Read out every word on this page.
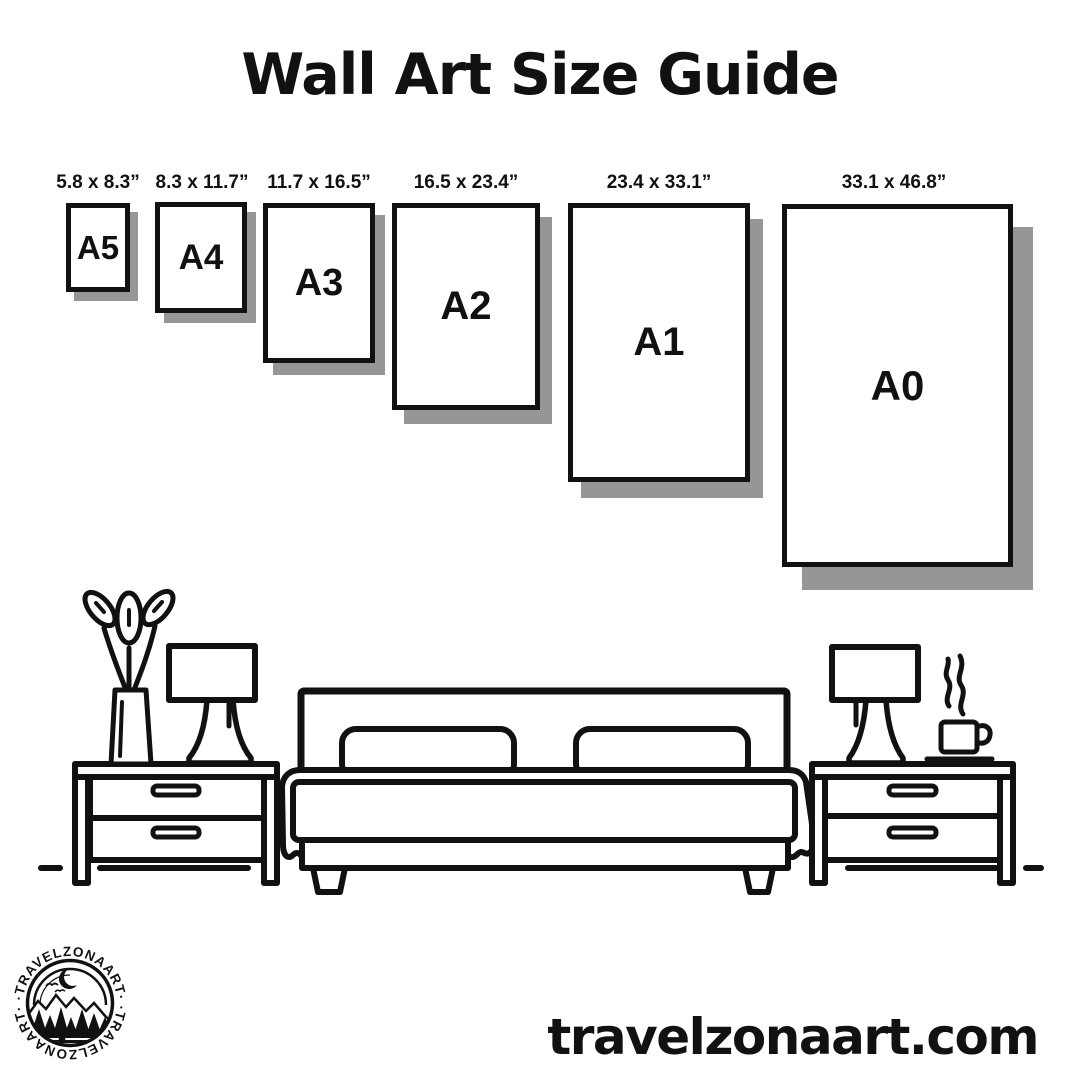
Wall Art Size Guide
5.8 x 8.3” 8.3 x 11.7” 11.7 x 16.5” 16.5 x 23.4”	23.4 x 33.1”	33.1 x 46.8”
A5 A4
A3
A2
A1
A0
·TRAVELZONAART·
·TRAVELZONAART·	travelzonaart.com
